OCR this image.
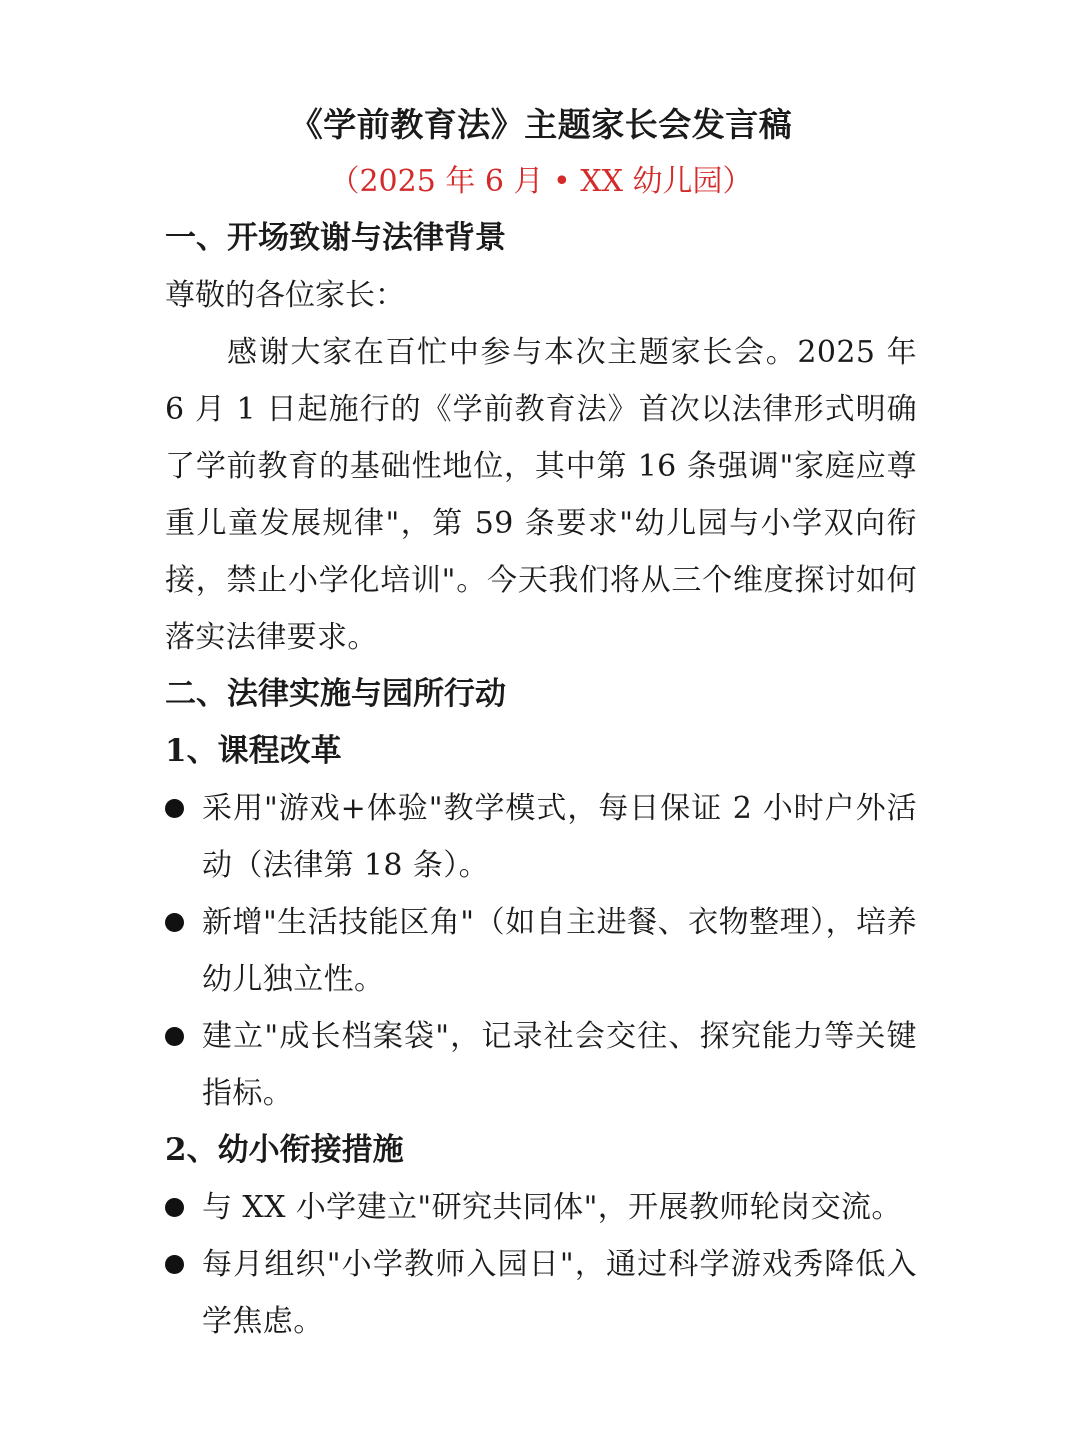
《学前教育法》主题家长会发言稿

（2025 年 6 月 • XX 幼儿园）

一、开场致谢与法律背景

尊敬的各位家长：

感谢大家在百忙中参与本次主题家长会。2025 年 6 月 1 日起施行的《学前教育法》首次以法律形式明确了学前教育的基础性地位，其中第 16 条强调"家庭应尊重儿童发展规律"，第 59 条要求"幼儿园与小学双向衔接，禁止小学化培训"。今天我们将从三个维度探讨如何落实法律要求。

二、法律实施与园所行动

1、课程改革

采用"游戏+体验"教学模式，每日保证 2 小时户外活动（法律第 18 条）。
新增"生活技能区角"（如自主进餐、衣物整理），培养幼儿独立性。
建立"成长档案袋"，记录社会交往、探究能力等关键指标。

2、幼小衔接措施

与 XX 小学建立"研究共同体"，开展教师轮岗交流。
每月组织"小学教师入园日"，通过科学游戏秀降低入学焦虑。
